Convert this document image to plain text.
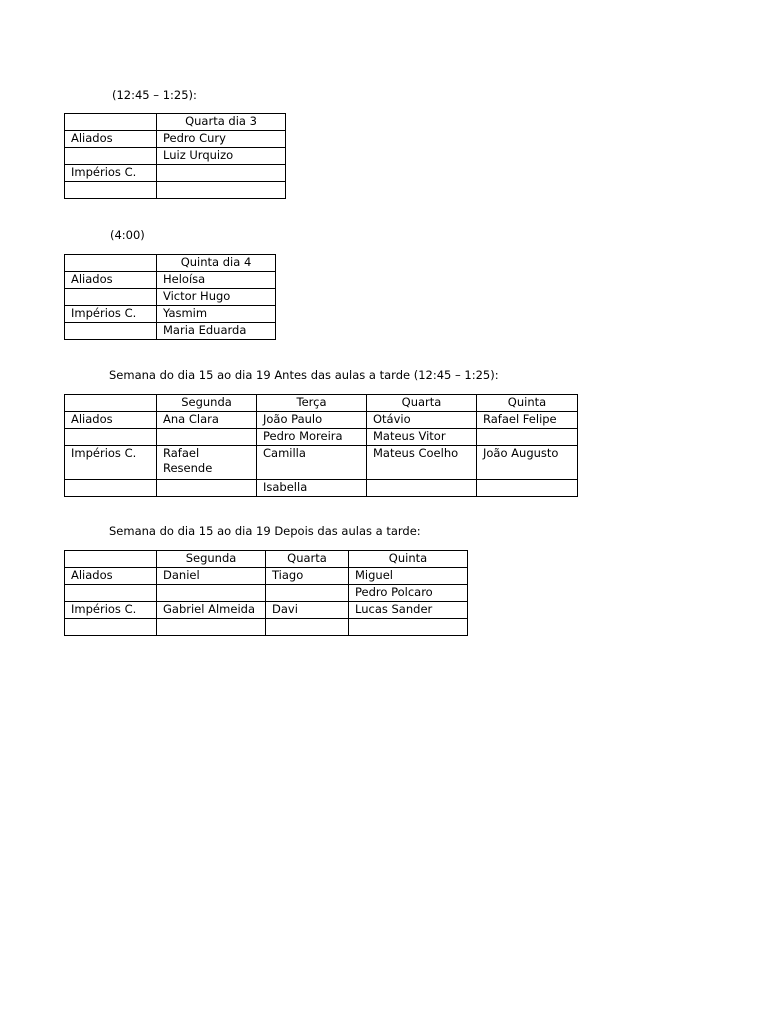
(12:45 – 1:25):
	Quarta dia 3
Aliados	Pedro Cury
	Luiz Urquizo
Impérios C.	

(4:00)
	Quinta dia 4
Aliados	Heloísa
	Victor Hugo
Impérios C.	Yasmim
	Maria Eduarda
Semana do dia 15 ao dia 19 Antes das aulas a tarde (12:45 – 1:25):
	Segunda	Terça	Quarta	Quinta
Aliados	Ana Clara	João Paulo	Otávio	Rafael Felipe
		Pedro Moreira	Mateus Vitor	
Impérios C.	Rafael Resende	Camilla	Mateus Coelho	João Augusto
		Isabella		
Semana do dia 15 ao dia 19 Depois das aulas a tarde:
	Segunda	Quarta	Quinta
Aliados	Daniel	Tiago	Miguel
			Pedro Polcaro
Impérios C.	Gabriel Almeida	Davi	Lucas Sander
